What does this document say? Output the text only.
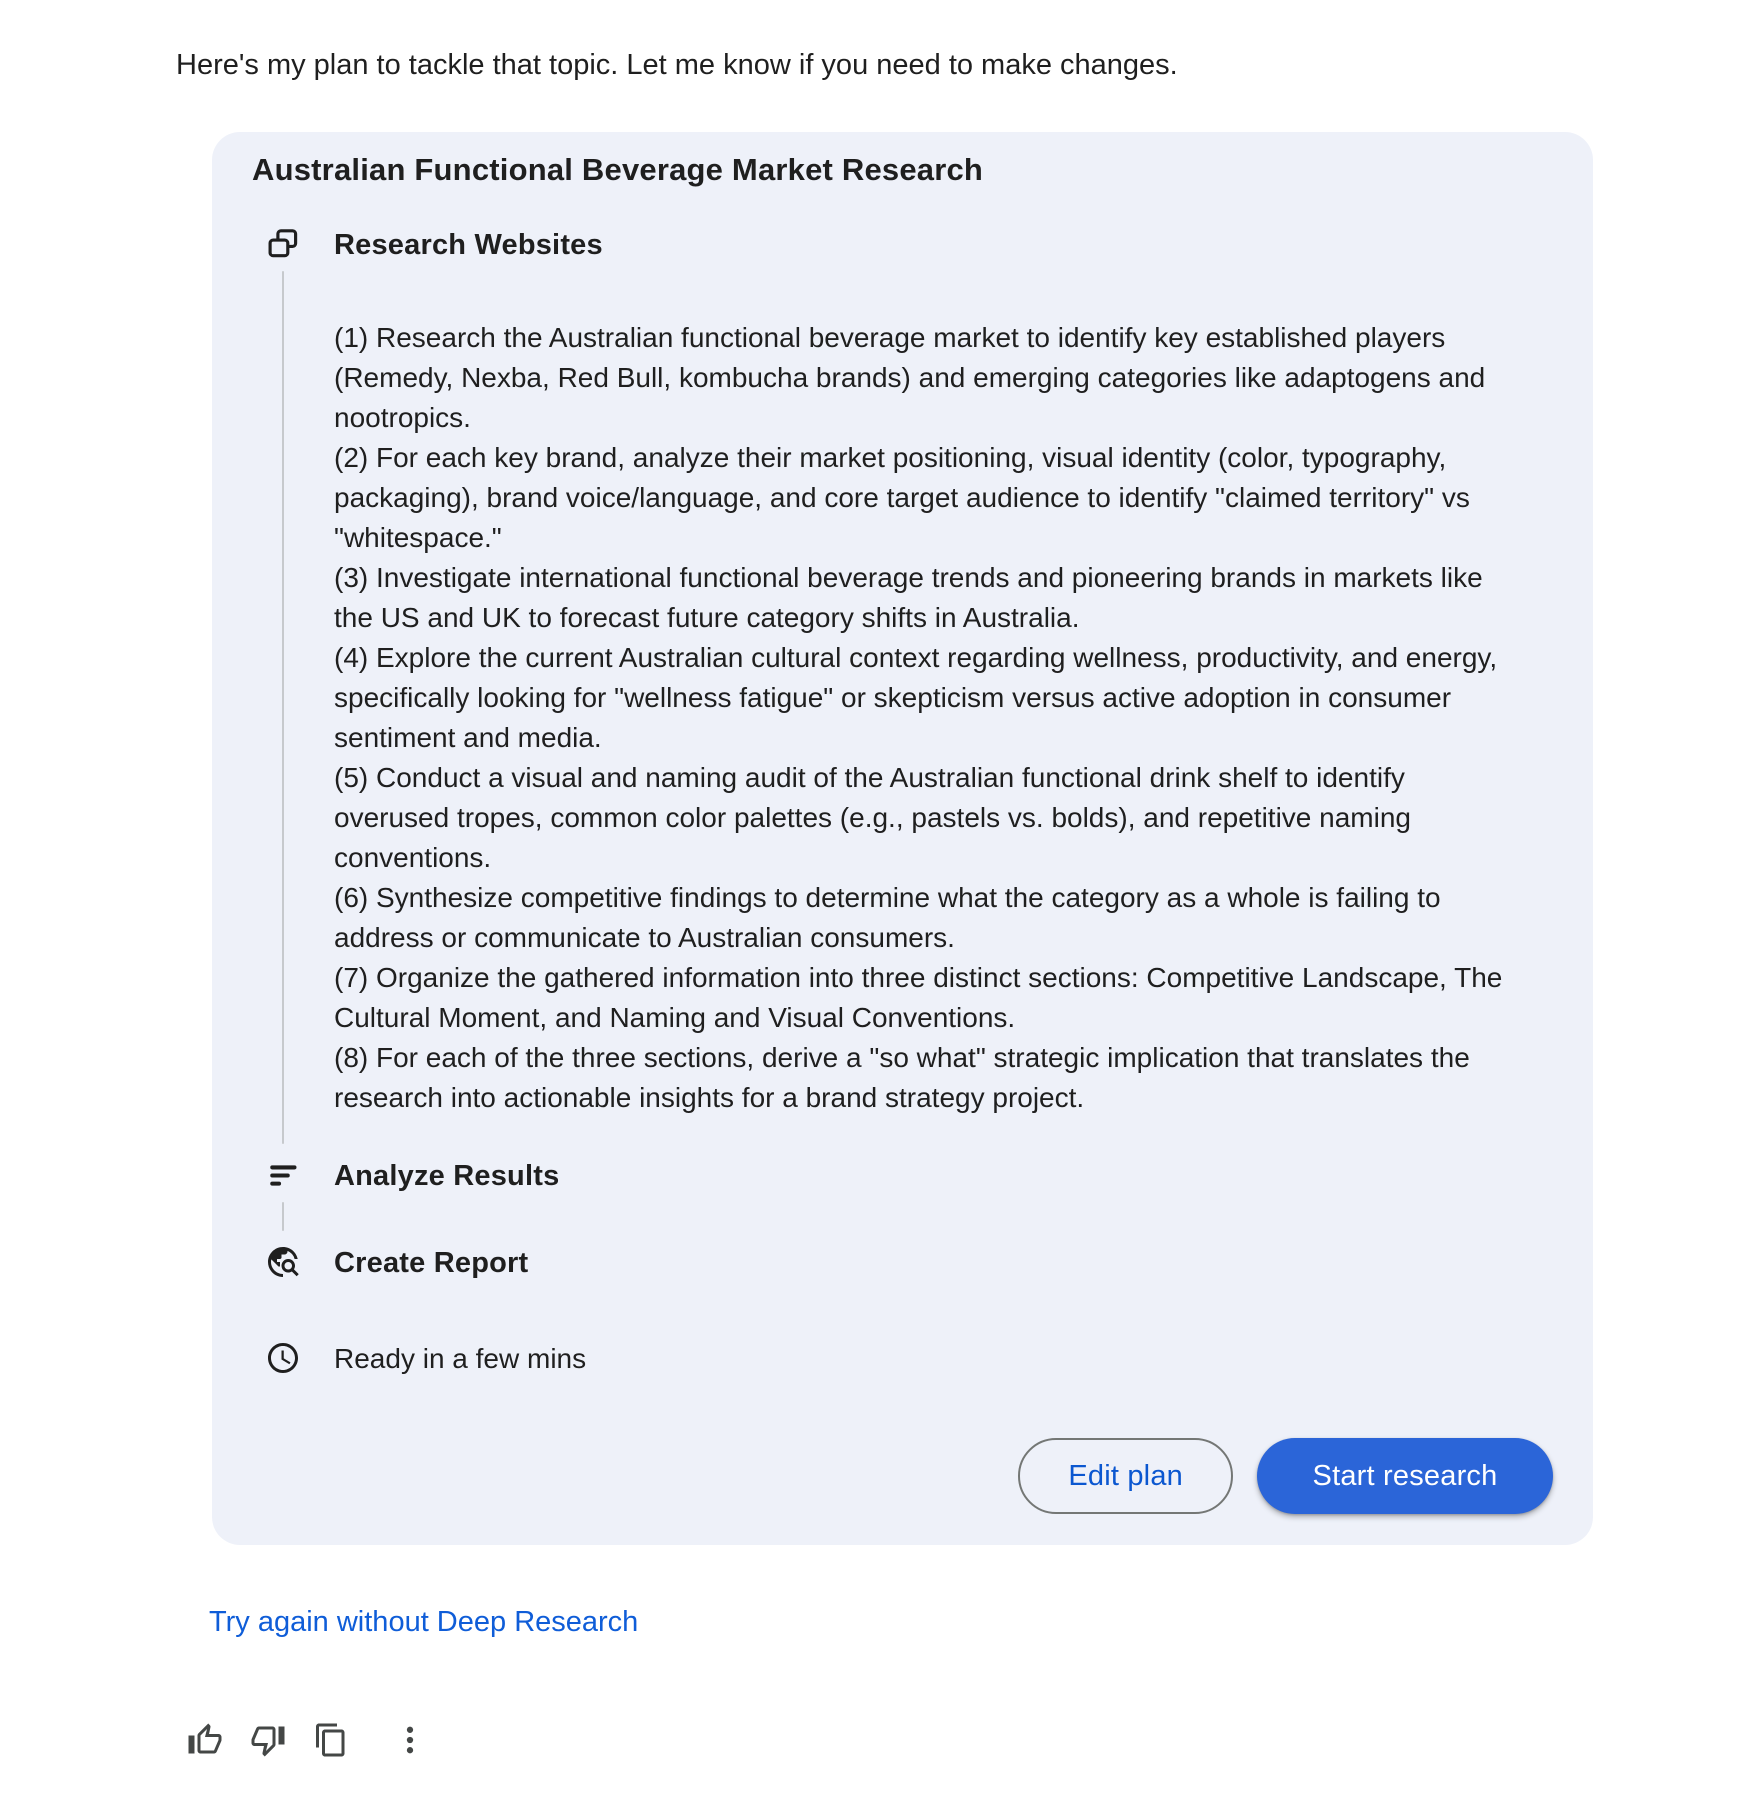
Here's my plan to tackle that topic. Let me know if you need to make changes.

Australian Functional Beverage Market Research
Research Websites
(1) Research the Australian functional beverage market to identify key established players (Remedy, Nexba, Red Bull, kombucha brands) and emerging categories like adaptogens and nootropics.
(2) For each key brand, analyze their market positioning, visual identity (color, typography, packaging), brand voice/language, and core target audience to identify "claimed territory" vs "whitespace."
(3) Investigate international functional beverage trends and pioneering brands in markets like the US and UK to forecast future category shifts in Australia.
(4) Explore the current Australian cultural context regarding wellness, productivity, and energy, specifically looking for "wellness fatigue" or skepticism versus active adoption in consumer sentiment and media.
(5) Conduct a visual and naming audit of the Australian functional drink shelf to identify overused tropes, common color palettes (e.g., pastels vs. bolds), and repetitive naming conventions.
(6) Synthesize competitive findings to determine what the category as a whole is failing to address or communicate to Australian consumers.
(7) Organize the gathered information into three distinct sections: Competitive Landscape, The Cultural Moment, and Naming and Visual Conventions.
(8) For each of the three sections, derive a "so what" strategic implication that translates the research into actionable insights for a brand strategy project.
Analyze Results
Create Report
Ready in a few mins
Edit plan	Start research
Try again without Deep Research
